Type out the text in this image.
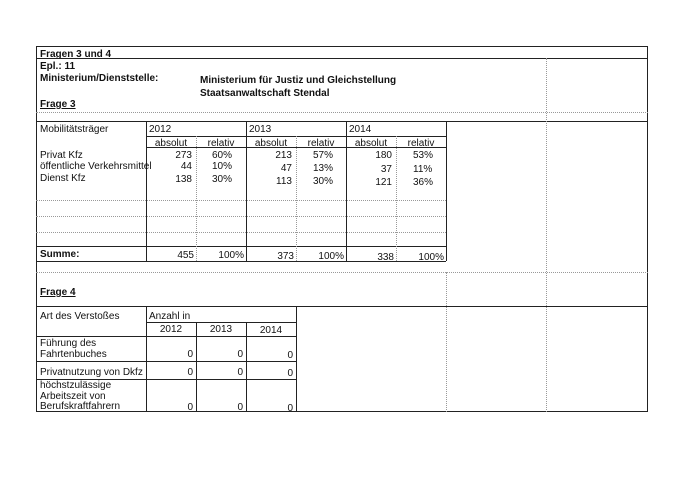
Fragen 3 und 4
Epl.: 11
Ministerium/Dienststelle:	Ministerium für Justiz und Gleichstellung
Staatsanwaltschaft Stendal
Frage 3
Mobilitätsträger	2012	2013	2014
absolut	relativ	absolut	relativ	absolut	relativ
Privat Kfz	273 60%	213 57%	180 53%
öffentliche Verkehrsmittel	44 10%	47 13%	37 11%
Dienst Kfz	138 30%	113 30%	121 36%
Summe:	455	100%	373	100%	338	100%
Frage 4
Art des Verstoßes	Anzahl in
2012	2013	2014
Führung des
Fahrtenbuches	0	0	0
Privatnutzung von Dkfz	0	0	0
höchstzulässige
Arbeitszeit von
Berufskraftfahrern	0	0	0
